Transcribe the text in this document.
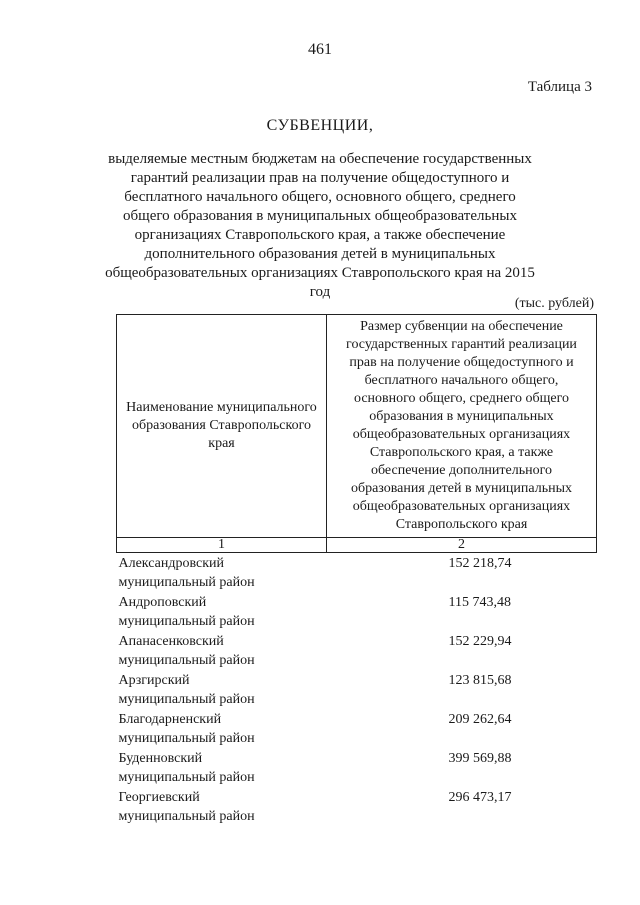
461
Таблица 3
СУБВЕНЦИИ,
выделяемые местным бюджетам на обеспечение государственных гарантий реализации прав на получение общедоступного и бесплатного начального общего, основного общего, среднего общего образования в муниципальных общеобразовательных организациях Ставропольского края, а также обеспечение дополнительного образования детей в муниципальных общеобразовательных организациях Ставропольского края на 2015 год
(тыс. рублей)
Наименование муниципального образования Ставропольского края	Размер субвенции на обеспечение государственных гарантий реализации прав на получение общедоступного и бесплатного начального общего, основного общего, среднего общего образования в муниципальных общеобразовательных организациях Ставропольского края, а также обеспечение дополнительного образования детей в муниципальных общеобразовательных организациях Ставропольского края
1	2

Александровский
муниципальный район	152 218,74

Андроповский
муниципальный район	115 743,48

Апанасенковский
муниципальный район	152 229,94

Арзгирский
муниципальный район	123 815,68

Благодарненский
муниципальный район	209 262,64

Буденновский
муниципальный район	399 569,88

Георгиевский
муниципальный район	296 473,17
